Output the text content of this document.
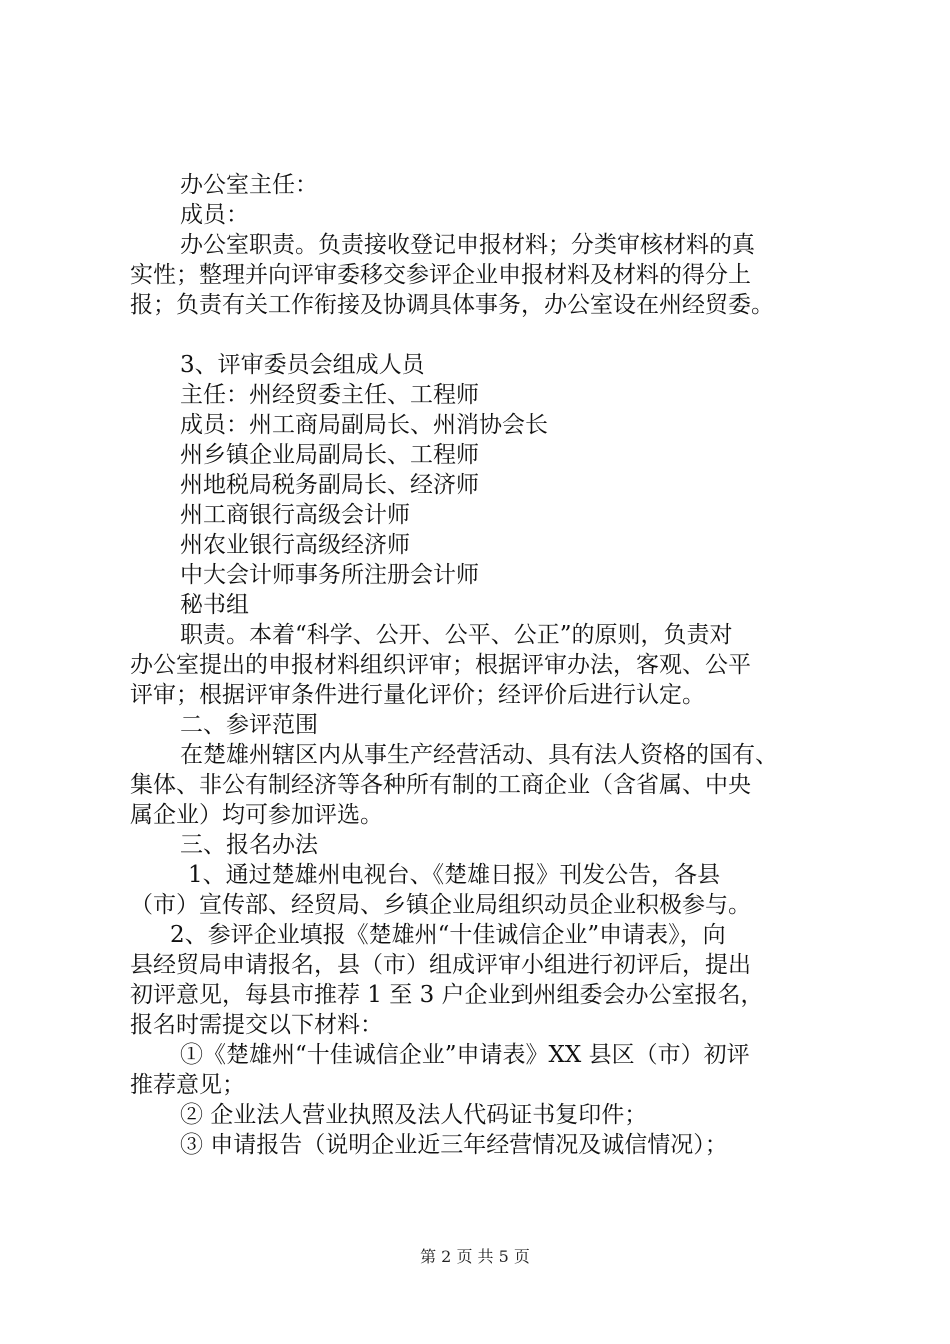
办公室主任：
成员：
办公室职责。负责接收登记申报材料；分类审核材料的真
实性；整理并向评审委移交参评企业申报材料及材料的得分上
报；负责有关工作衔接及协调具体事务，办公室设在州经贸委。
3、评审委员会组成人员
主任：州经贸委主任、工程师
成员：州工商局副局长、州消协会长
州乡镇企业局副局长、工程师
州地税局税务副局长、经济师
州工商银行高级会计师
州农业银行高级经济师
中大会计师事务所注册会计师
秘书组
职责。本着“科学、公开、公平、公正”的原则，负责对
办公室提出的申报材料组织评审；根据评审办法，客观、公平
评审；根据评审条件进行量化评价；经评价后进行认定。
二、参评范围
在楚雄州辖区内从事生产经营活动、具有法人资格的国有、
集体、非公有制经济等各种所有制的工商企业（含省属、中央
属企业）均可参加评选。
三、报名办法
1、通过楚雄州电视台、《楚雄日报》刊发公告，各县
（市）宣传部、经贸局、乡镇企业局组织动员企业积极参与。
2、参评企业填报《楚雄州“十佳诚信企业”申请表》，向
县经贸局申请报名，县（市）组成评审小组进行初评后，提出
初评意见，每县市推荐 1 至 3 户企业到州组委会办公室报名，
报名时需提交以下材料：
①《楚雄州“十佳诚信企业”申请表》XX 县区（市）初评
推荐意见；
② 企业法人营业执照及法人代码证书复印件；
③ 申请报告（说明企业近三年经营情况及诚信情况）；
第 2 页 共 5 页
